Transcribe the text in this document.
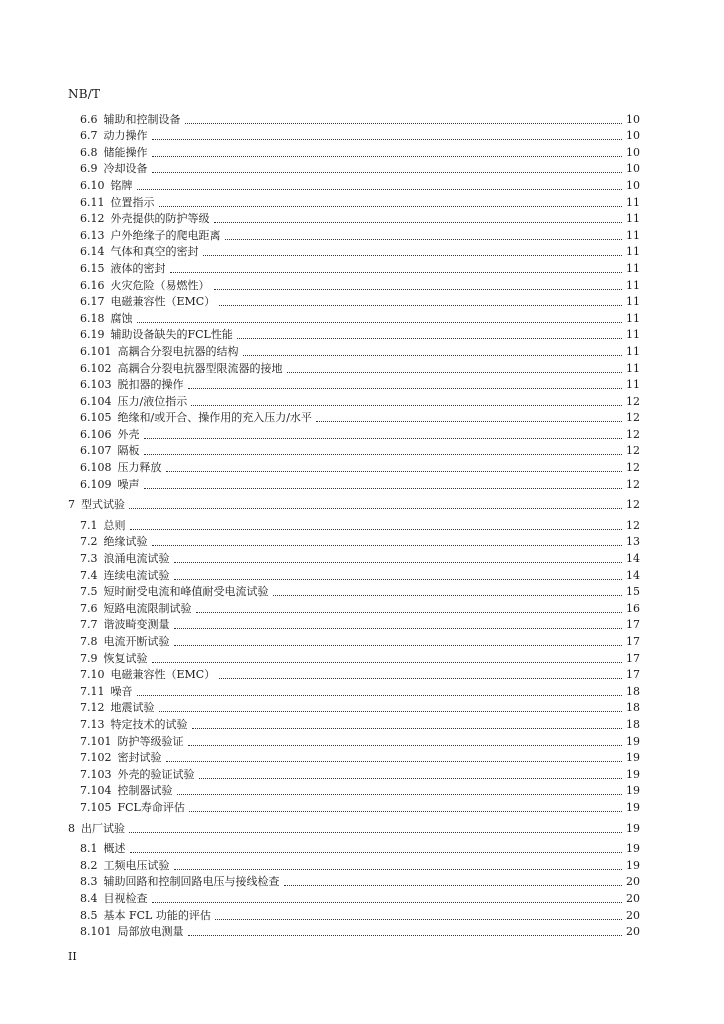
NB/T
6.6 辅助和控制设备	10
6.7 动力操作	10
6.8 储能操作	10
6.9 冷却设备	10
6.10 铭牌	10
6.11 位置指示	11
6.12 外壳提供的防护等级	11
6.13 户外绝缘子的爬电距离	11
6.14 气体和真空的密封	11
6.15 液体的密封	11
6.16 火灾危险（易燃性）	11
6.17 电磁兼容性（EMC）	11
6.18 腐蚀	11
6.19 辅助设备缺失的FCL性能	11
6.101 高耦合分裂电抗器的结构	11
6.102 高耦合分裂电抗器型限流器的接地	11
6.103 脱扣器的操作	11
6.104 压力/液位指示	12
6.105 绝缘和/或开合、操作用的充入压力/水平	12
6.106 外壳	12
6.107 隔板	12
6.108 压力释放	12
6.109 噪声	12
7 型式试验	12
7.1 总则	12
7.2 绝缘试验	13
7.3 浪涌电流试验	14
7.4 连续电流试验	14
7.5 短时耐受电流和峰值耐受电流试验	15
7.6 短路电流限制试验	16
7.7 谐波畸变测量	17
7.8 电流开断试验	17
7.9 恢复试验	17
7.10 电磁兼容性（EMC）	17
7.11 噪音	18
7.12 地震试验	18
7.13 特定技术的试验	18
7.101 防护等级验证	19
7.102 密封试验	19
7.103 外壳的验证试验	19
7.104 控制器试验	19
7.105 FCL寿命评估	19
8 出厂试验	19
8.1 概述	19
8.2 工频电压试验	19
8.3 辅助回路和控制回路电压与接线检查	20
8.4 目视检查	20
8.5 基本 FCL 功能的评估	20
8.101 局部放电测量	20
II
